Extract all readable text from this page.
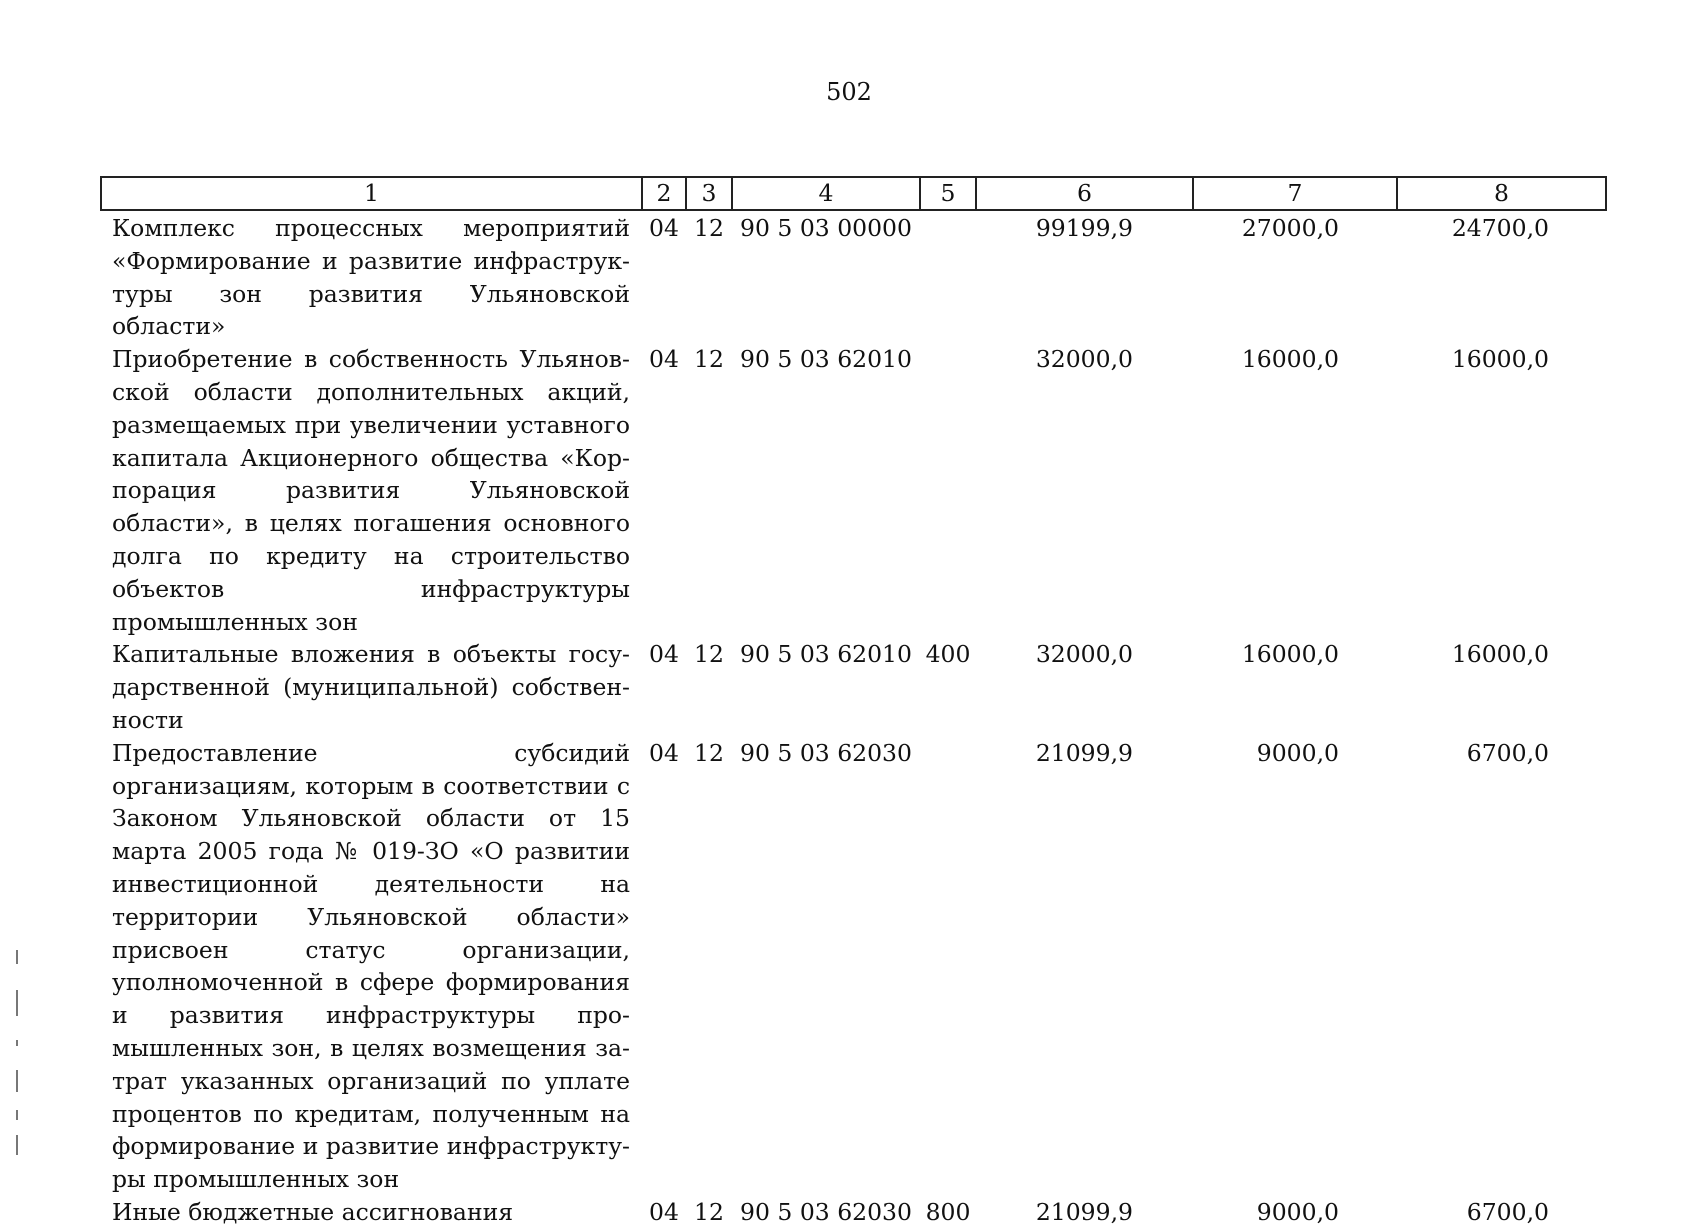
502
1	2	3	4	5	6	7	8
Комплекс процессных мероприятий «Формирование и развитие инфраструктуры зон развития Ульяновской области»	04	12	90 5 03 00000		99199,9	27000,0	24700,0
Приобретение в собственность Ульяновской области дополнительных акций, размещаемых при увеличении уставного капитала Акционерного общества «Корпорация развития Ульяновской области», в целях погашения основного долга по кредиту на строительство объектов инфраструктуры промышленных зон	04	12	90 5 03 62010		32000,0	16000,0	16000,0
Капитальные вложения в объекты государственной (муниципальной) собственности	04	12	90 5 03 62010	400	32000,0	16000,0	16000,0
Предоставление субсидий организациям, которым в соответствии с Законом Ульяновской области от 15 марта 2005 года № 019-ЗО «О развитии инвестиционной деятельности на территории Ульяновской области» присвоен статус организации, уполномоченной в сфере формирования и развития инфраструктуры промышленных зон, в целях возмещения затрат указанных организаций по уплате процентов по кредитам, полученным на формирование и развитие инфраструктуры промышленных зон	04	12	90 5 03 62030		21099,9	9000,0	6700,0
Иные бюджетные ассигнования	04	12	90 5 03 62030	800	21099,9	9000,0	6700,0
